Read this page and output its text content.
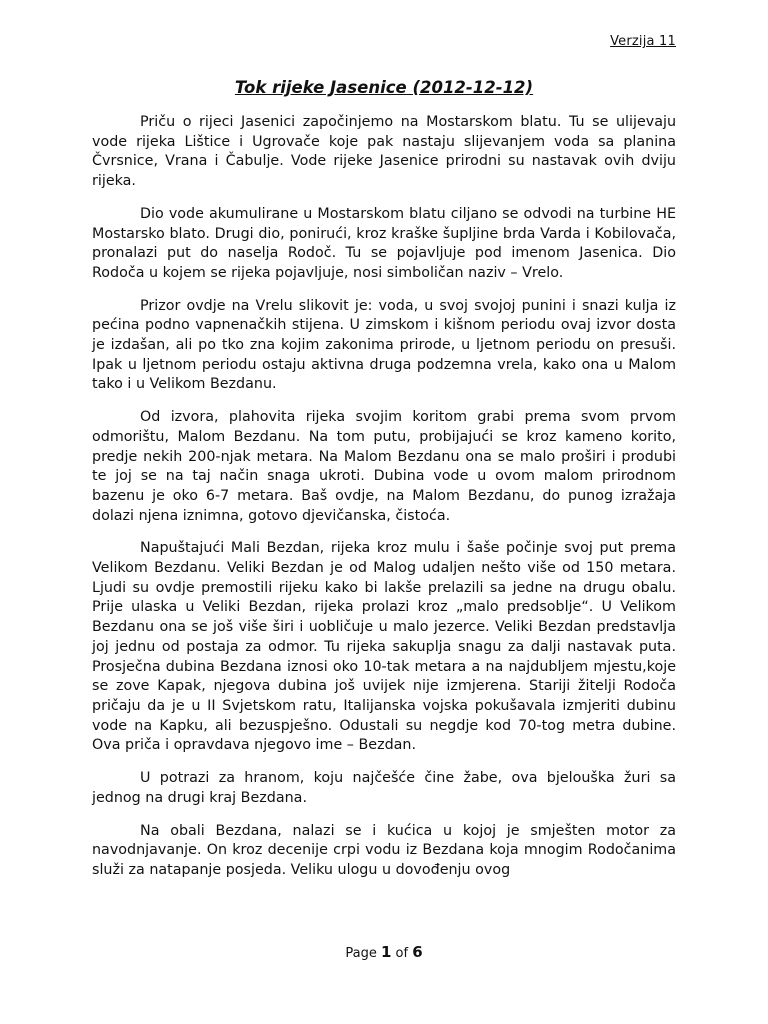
Verzija 11
Tok rijeke Jasenice (2012-12-12)

Priču o rijeci Jasenici započinjemo na Mostarskom blatu. Tu se ulijevaju vode rijeka Lištice i Ugrovače koje pak nastaju slijevanjem voda sa planina Čvrsnice, Vrana i Čabulje. Vode rijeke Jasenice prirodni su nastavak ovih dviju rijeka.

Dio vode akumulirane u Mostarskom blatu ciljano se odvodi na turbine HE Mostarsko blato. Drugi dio, ponirući, kroz kraške šupljine brda Varda i Kobilovača, pronalazi put do naselja Rodoč. Tu se pojavljuje pod imenom Jasenica. Dio Rodoča u kojem se rijeka pojavljuje, nosi simboličan naziv – Vrelo.

Prizor ovdje na Vrelu slikovit je: voda, u svoj svojoj punini i snazi kulja iz pećina podno vapnenačkih stijena. U zimskom i kišnom periodu ovaj izvor dosta je izdašan, ali po tko zna kojim zakonima prirode, u ljetnom periodu on presuši. Ipak u ljetnom periodu ostaju aktivna druga podzemna vrela, kako ona u Malom tako i u Velikom Bezdanu.

Od izvora, plahovita rijeka svojim koritom grabi prema svom prvom odmorištu, Malom Bezdanu. Na tom putu, probijajući se kroz kameno korito, predje nekih 200-njak metara. Na Malom Bezdanu ona se malo proširi i produbi te joj se na taj način snaga ukroti. Dubina vode u ovom malom prirodnom bazenu je oko 6-7 metara. Baš ovdje, na Malom Bezdanu, do punog izražaja dolazi njena iznimna, gotovo djevičanska, čistoća.

Napuštajući Mali Bezdan, rijeka kroz mulu i šaše počinje svoj put prema Velikom Bezdanu. Veliki Bezdan je od Malog udaljen nešto više od 150 metara. Ljudi su ovdje premostili rijeku kako bi lakše prelazili sa jedne na drugu obalu. Prije ulaska u Veliki Bezdan, rijeka prolazi kroz „malo predsoblje“. U Velikom Bezdanu ona se još više širi i uobličuje u malo jezerce. Veliki Bezdan predstavlja joj jednu od postaja za odmor. Tu rijeka sakuplja snagu za dalji nastavak puta. Prosječna dubina Bezdana iznosi oko 10-tak metara a na najdubljem mjestu,koje se zove Kapak, njegova dubina još uvijek nije izmjerena. Stariji žitelji Rodoča pričaju da je u II Svjetskom ratu, Italijanska vojska pokušavala izmjeriti dubinu vode na Kapku, ali bezuspješno. Odustali su negdje kod 70-tog metra dubine. Ova priča i opravdava njegovo ime – Bezdan.

U potrazi za hranom, koju najčešće čine žabe, ova bjelouška žuri sa jednog na drugi kraj Bezdana.

Na obali Bezdana, nalazi se i kućica u kojoj je smješten motor za navodnjavanje. On kroz decenije crpi vodu iz Bezdana koja mnogim Rodočanima služi za natapanje posjeda. Veliku ulogu u dovođenju ovog

Page 1 of 6
